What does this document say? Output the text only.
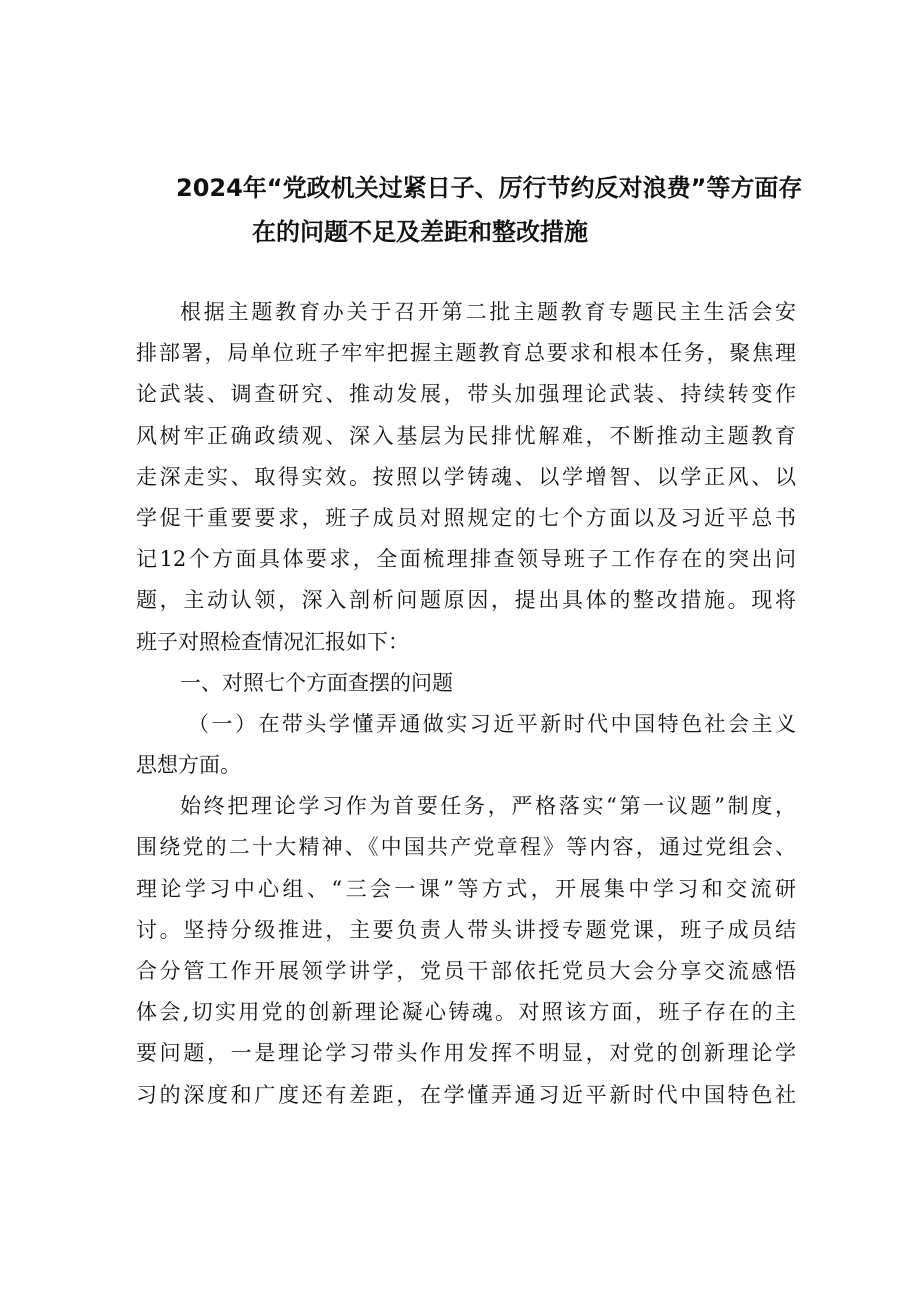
2024年“党政机关过紧日子、厉行节约反对浪费”等方面存
在的问题不足及差距和整改措施
根据主题教育办关于召开第二批主题教育专题民主生活会安
排部署，局单位班子牢牢把握主题教育总要求和根本任务，聚焦理
论武装、调查研究、推动发展，带头加强理论武装、持续转变作
风树牢正确政绩观、深入基层为民排忧解难，不断推动主题教育
走深走实、取得实效。按照以学铸魂、以学增智、以学正风、以
学促干重要要求，班子成员对照规定的七个方面以及习近平总书
记12个方面具体要求，全面梳理排查领导班子工作存在的突出问
题，主动认领，深入剖析问题原因，提出具体的整改措施。现将
班子对照检查情况汇报如下：
一、对照七个方面查摆的问题
（一）在带头学懂弄通做实习近平新时代中国特色社会主义
思想方面。
始终把理论学习作为首要任务，严格落实“第一议题”制度，
围绕党的二十大精神、《中国共产党章程》等内容，通过党组会、
理论学习中心组、“三会一课”等方式，开展集中学习和交流研
讨。坚持分级推进，主要负责人带头讲授专题党课，班子成员结
合分管工作开展领学讲学，党员干部依托党员大会分享交流感悟
体会,切实用党的创新理论凝心铸魂。对照该方面，班子存在的主
要问题，一是理论学习带头作用发挥不明显，对党的创新理论学
习的深度和广度还有差距，在学懂弄通习近平新时代中国特色社
